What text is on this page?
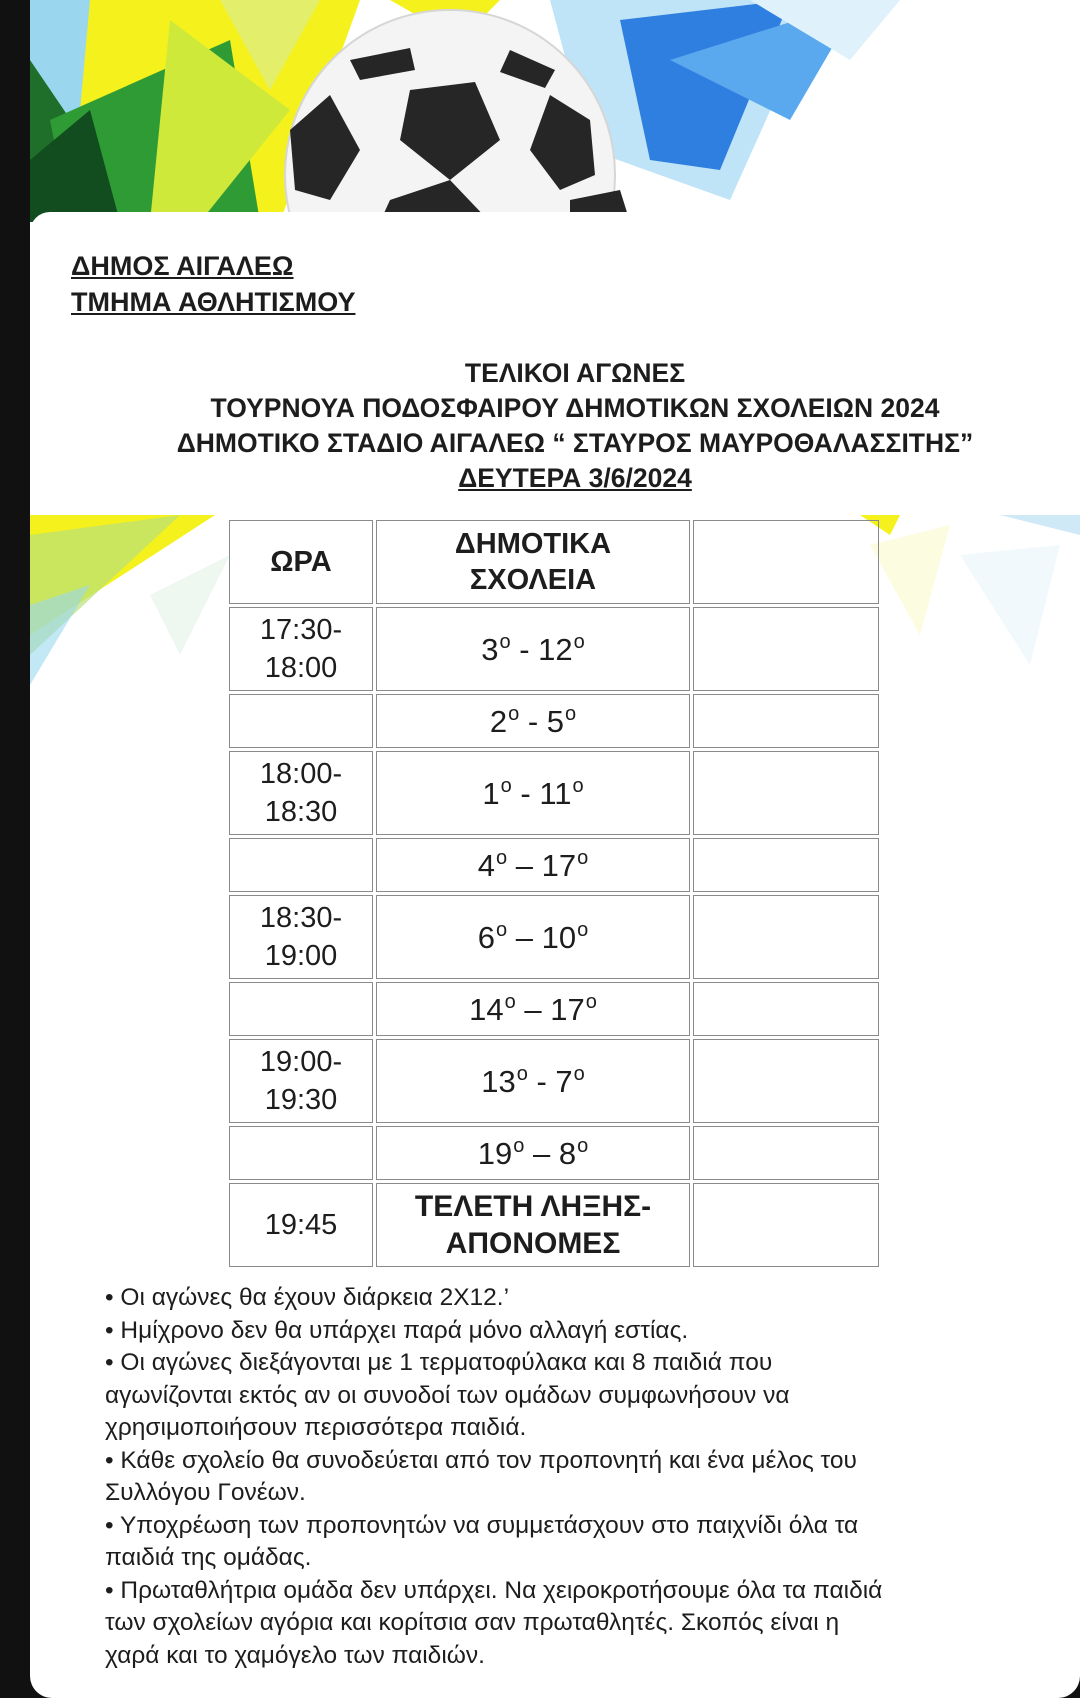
ΔΗΜΟΣ ΑΙΓΑΛΕΩ
ΤΜΗΜΑ ΑΘΛΗΤΙΣΜΟΥ
ΤΕΛΙΚΟΙ ΑΓΩΝΕΣ
ΤΟΥΡΝΟΥΑ ΠΟΔΟΣΦΑΙΡΟΥ ΔΗΜΟΤΙΚΩΝ ΣΧΟΛΕΙΩΝ 2024
ΔΗΜΟΤΙΚΟ ΣΤΑΔΙΟ ΑΙΓΑΛΕΩ “ ΣΤΑΥΡΟΣ ΜΑΥΡΟΘΑΛΑΣΣΙΤΗΣ”
ΔΕΥΤΕΡΑ 3/6/2024
ΩΡΑ	ΔΗΜΟΤΙΚΑ
ΣΧΟΛΕΙΑ	
17:30-
18:00	$3^o - 12^o$	
	$2^o - 5^o$	
18:00-
18:30	$1^o - 11^o$	
	$4^o - 17^o$	
18:30-
19:00	$6^o - 10^o$	
	$14^o - 17^o$	
19:00-
19:30	$13^o - 7^o$	
	$19^o - 8^o$	
19:45	ΤΕΛΕΤΗ ΛΗΞΗΣ-
ΑΠΟΝΟΜΕΣ	

• Οι αγώνες θα έχουν διάρκεια 2Χ12.’

• Ημίχρονο δεν θα υπάρχει παρά μόνο αλλαγή εστίας.

• Οι αγώνες διεξάγονται με 1 τερματοφύλακα και 8 παιδιά που
αγωνίζονται εκτός αν οι συνοδοί των ομάδων συμφωνήσουν να
χρησιμοποιήσουν περισσότερα παιδιά.

• Κάθε σχολείο θα συνοδεύεται από τον προπονητή και ένα μέλος του
Συλλόγου Γονέων.

• Υποχρέωση των προπονητών να συμμετάσχουν στο παιχνίδι όλα τα
παιδιά της ομάδας.

• Πρωταθλήτρια ομάδα δεν υπάρχει. Να χειροκροτήσουμε όλα τα παιδιά
των σχολείων αγόρια και κορίτσια σαν πρωταθλητές. Σκοπός είναι η
χαρά και το χαμόγελο των παιδιών.
